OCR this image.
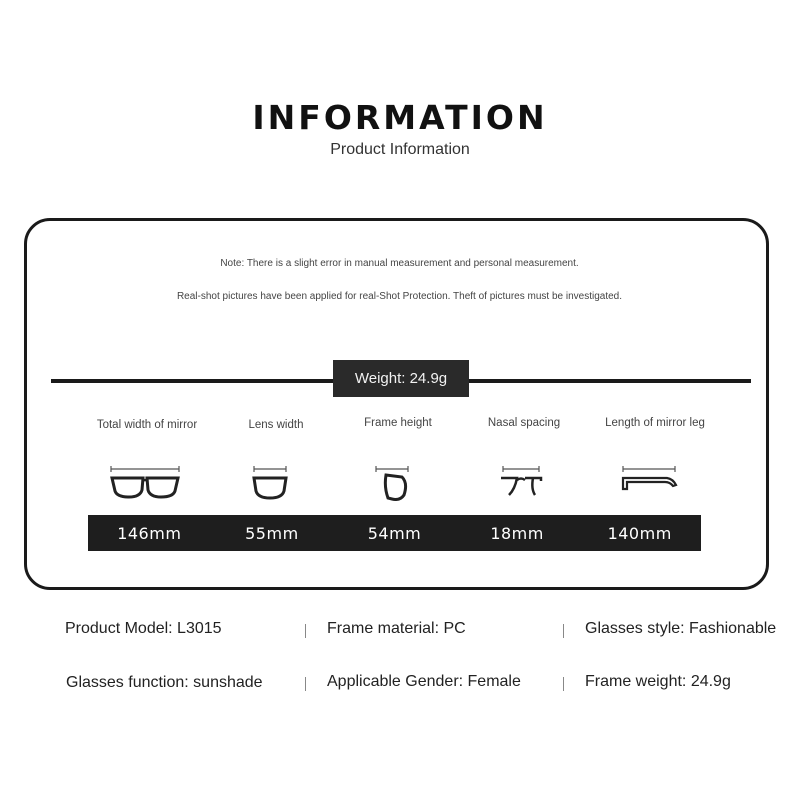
INFORMATION
Product Information
Note: There is a slight error in manual measurement and personal measurement.
Real-shot pictures have been applied for real-Shot Protection. Theft of pictures must be investigated.
Weight: 24.9g
Total width of mirror	Lens width	Frame height	Nasal spacing	Length of mirror leg
146mm	55mm	54mm	18mm	140mm
Product Model: L3015	Frame material: PC	Glasses style: Fashionable
Glasses function: sunshade	Applicable Gender: Female	Frame weight: 24.9g
